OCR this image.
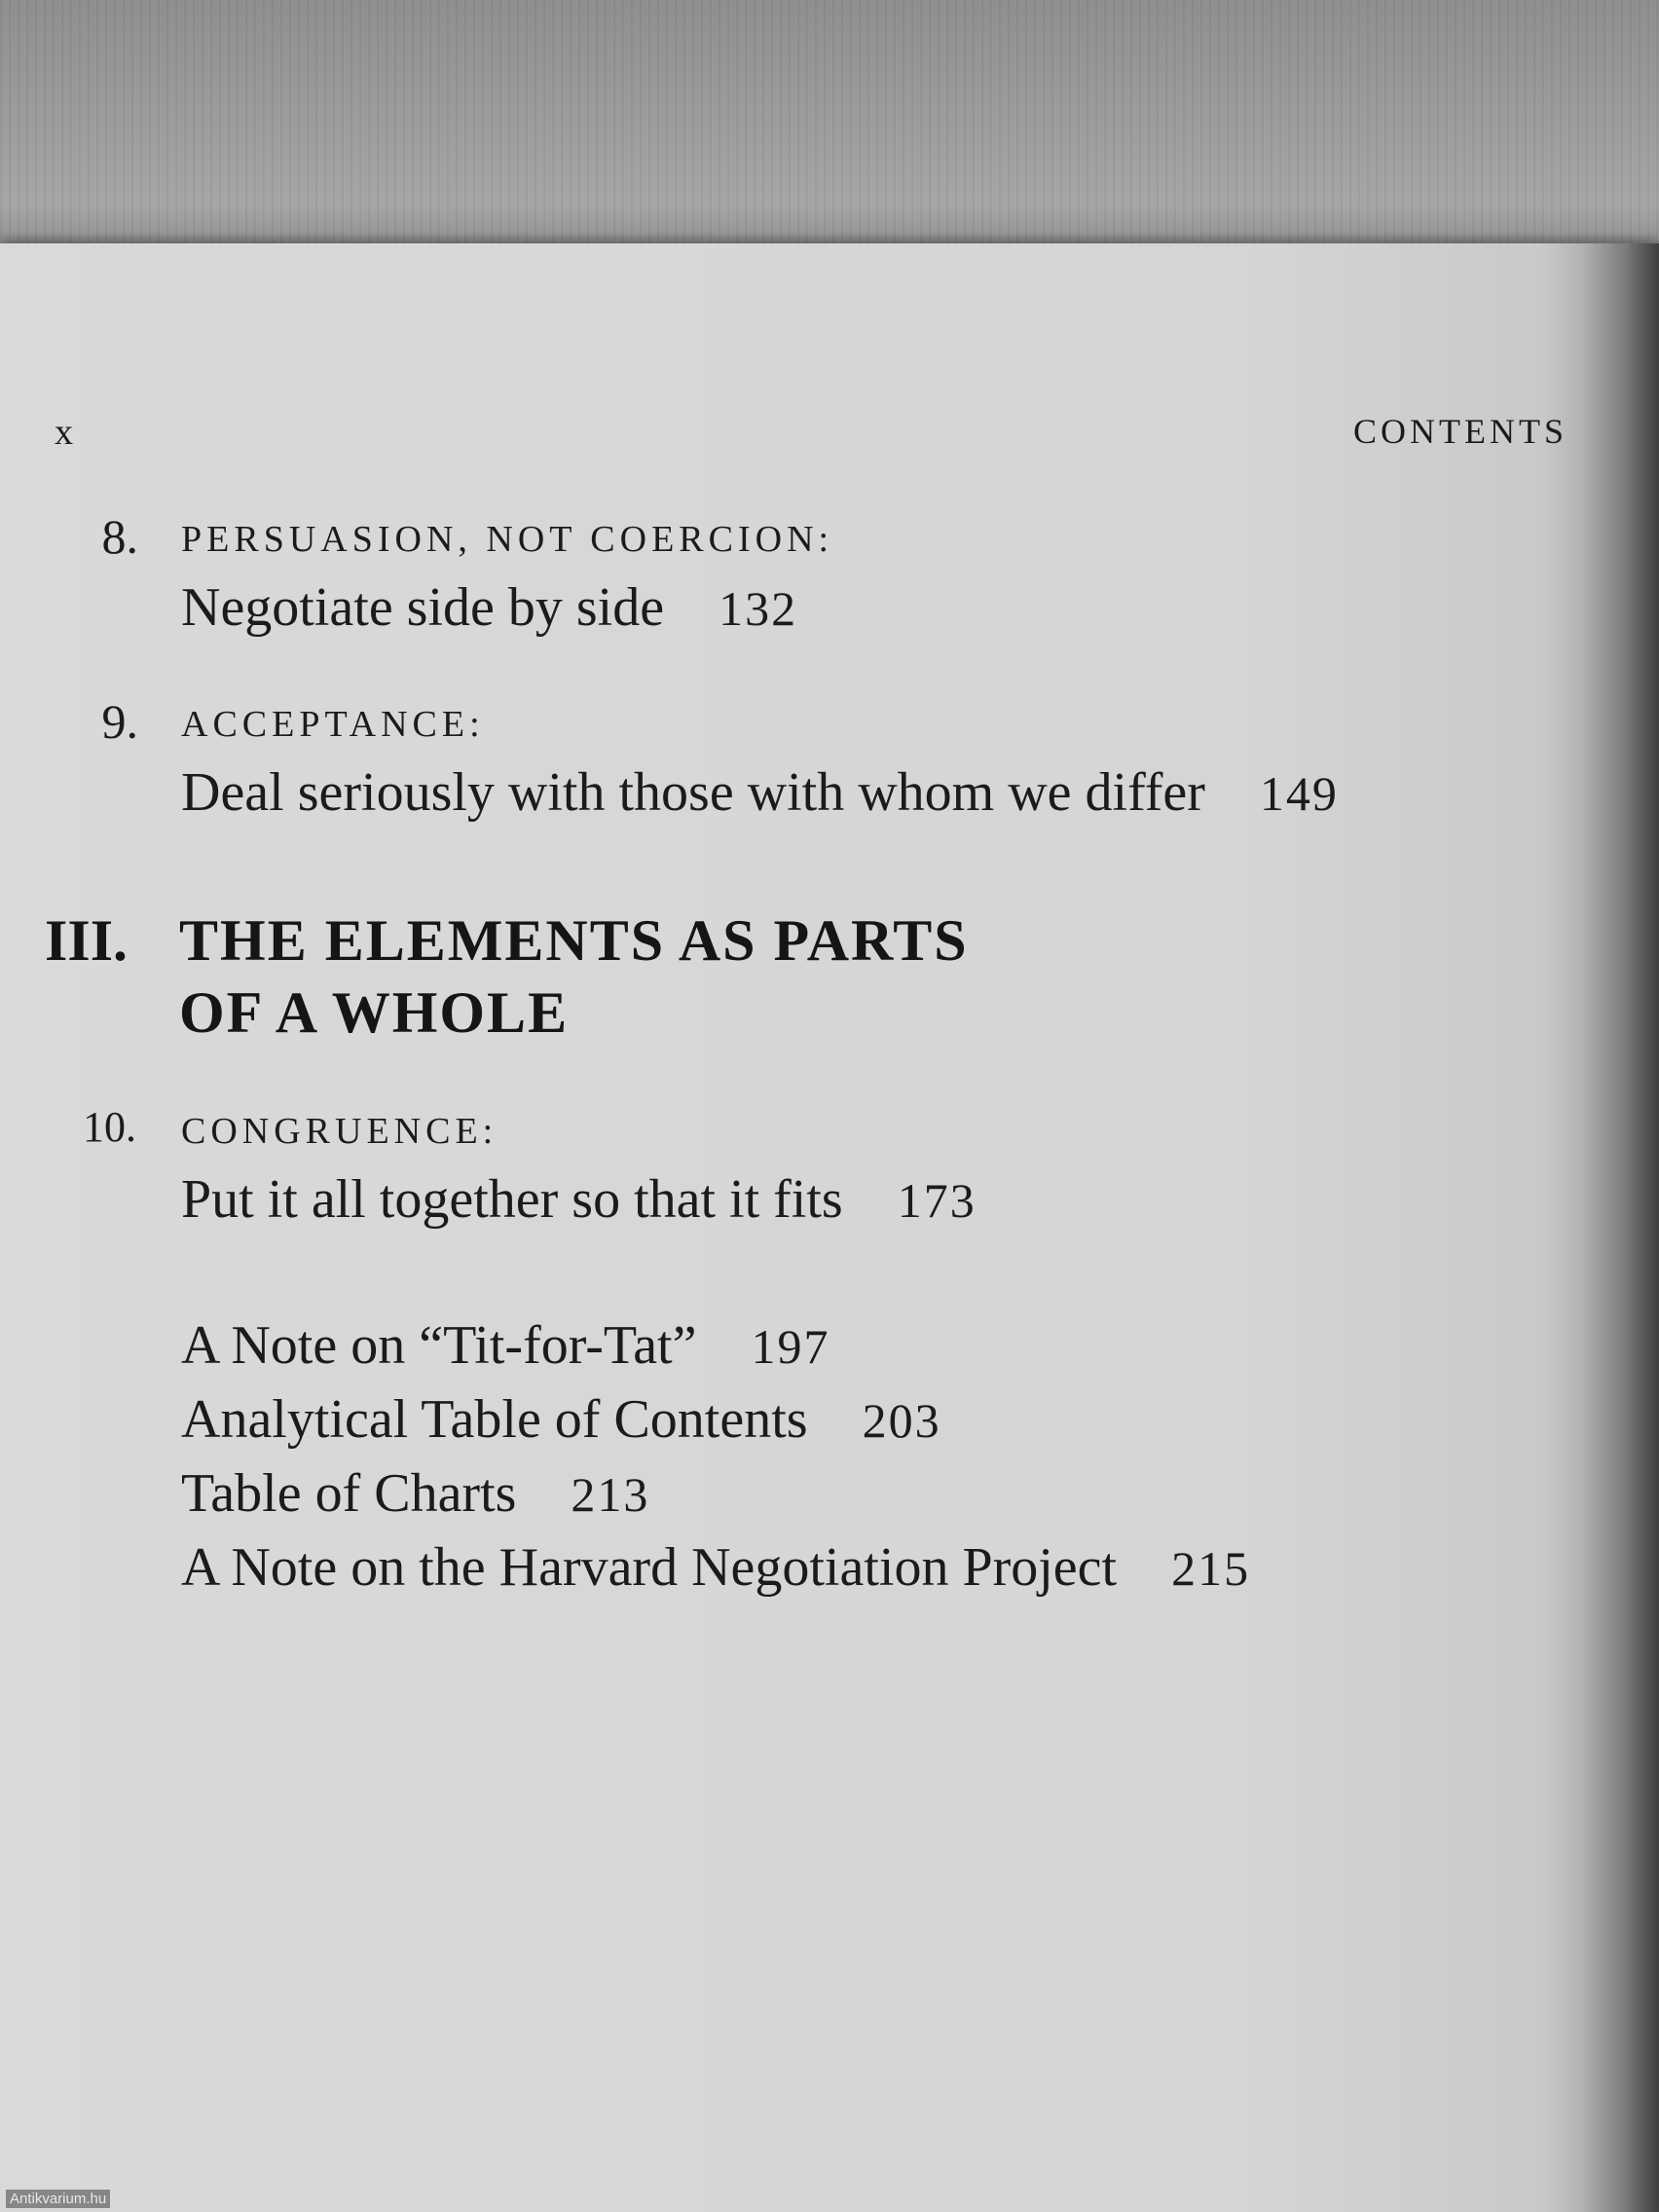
x	CONTENTS
8. PERSUASION, NOT COERCION:
Negotiate side by side 132
9. ACCEPTANCE:
Deal seriously with those with whom we differ 149
III. THE ELEMENTS AS PARTS
OF A WHOLE
10. CONGRUENCE:
Put it all together so that it fits 173
A Note on “Tit-for-Tat” 197
Analytical Table of Contents 203
Table of Charts 213
A Note on the Harvard Negotiation Project 215
Antikvarium.hu
